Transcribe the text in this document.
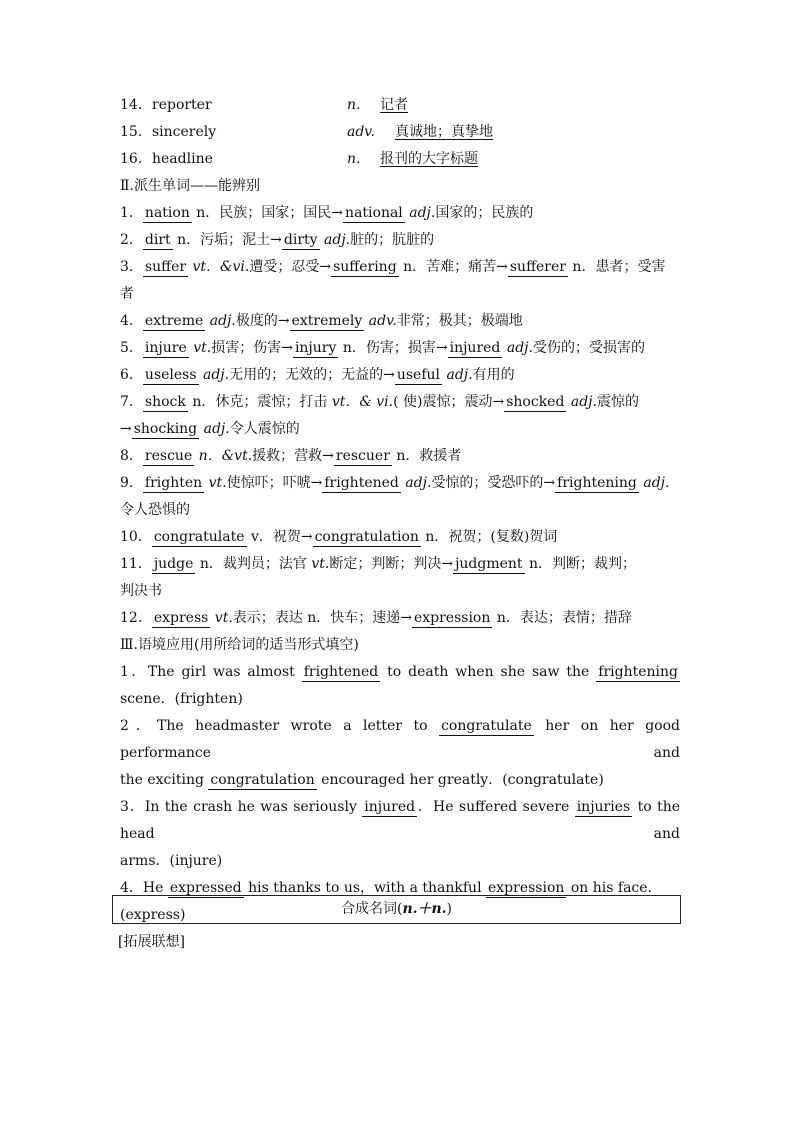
14．reporter	n. 记者
15．sincerely	adv. 真诚地；真挚地
16．headline	n. 报刊的大字标题
Ⅱ.派生单词——能辨别
1． nation n．民族；国家；国民→ national adj.国家的；民族的
2． dirt n．污垢；泥土→ dirty adj.脏的；肮脏的
3． suffer vt．&vi.遭受；忍受→ suffering n．苦难；痛苦→ sufferer n．患者；受害
者
4． extreme adj.极度的→ extremely adv.非常；极其；极端地
5． injure vt.损害；伤害→ injury n．伤害；损害→ injured adj.受伤的；受损害的
6． useless adj.无用的；无效的；无益的→ useful adj.有用的
7． shock n．休克；震惊；打击 vt．& vi.( 使)震惊；震动→ shocked adj.震惊的
→ shocking adj.令人震惊的
8． rescue n．&vt.援救；营救→ rescuer n．救援者
9． frighten vt.使惊吓；吓唬→ frightened adj.受惊的；受恐吓的→ frightening adj.
令人恐惧的
10． congratulate v．祝贺→ congratulation n．祝贺；(复数)贺词
11． judge n．裁判员；法官 vt.断定；判断；判决→ judgment n．判断；裁判；
判决书
12． express vt.表示；表达 n．快车；速递→ expression n．表达；表情；措辞
Ⅲ.语境应用(用所给词的适当形式填空)
1．The girl was almost frightened to death when she saw the frightening
scene．(frighten)
2．The headmaster wrote a letter to congratulate her on her good performance and
the exciting congratulation encouraged her greatly．(congratulate)
3．In the crash he was seriously injured ．He suffered severe injuries to the head and
arms．(injure)
4．He expressed his thanks to us，with a thankful expression on his face．(express)
[拓展联想]
合成名词(n.＋n.)
